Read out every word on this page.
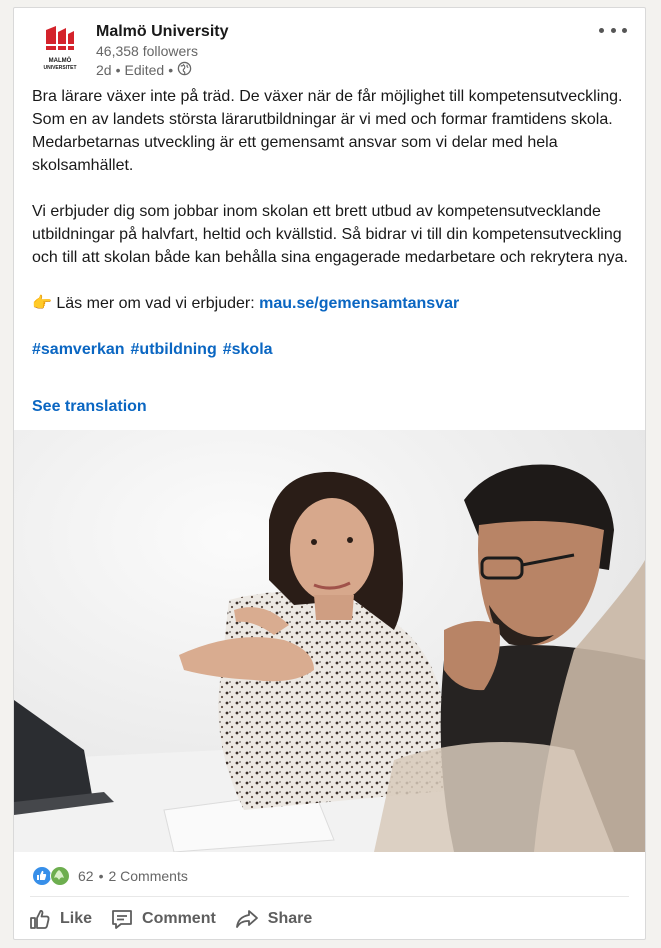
MALMÖ
UNIVERSITET
Malmö University
46,358 followers
2d • Edited •

Bra lärare växer inte på träd. De växer när de får möjlighet till kompetensutveckling. Som en av landets största lärarutbildningar är vi med och formar framtidens skola. Medarbetarnas utveckling är ett gemensamt ansvar som vi delar med hela skolsamhället.

Vi erbjuder dig som jobbar inom skolan ett brett utbud av kompetensutvecklande utbildningar på halvfart, heltid och kvällstid. Så bidrar vi till din kompetensutveckling och till att skolan både kan behålla sina engagerade medarbetare och rekrytera nya.

👉 Läs mer om vad vi erbjuder: mau.se/gemensamtansvar

#samverkan #utbildning #skola

See translation
62 • 2 Comments
Like	Comment	Share
